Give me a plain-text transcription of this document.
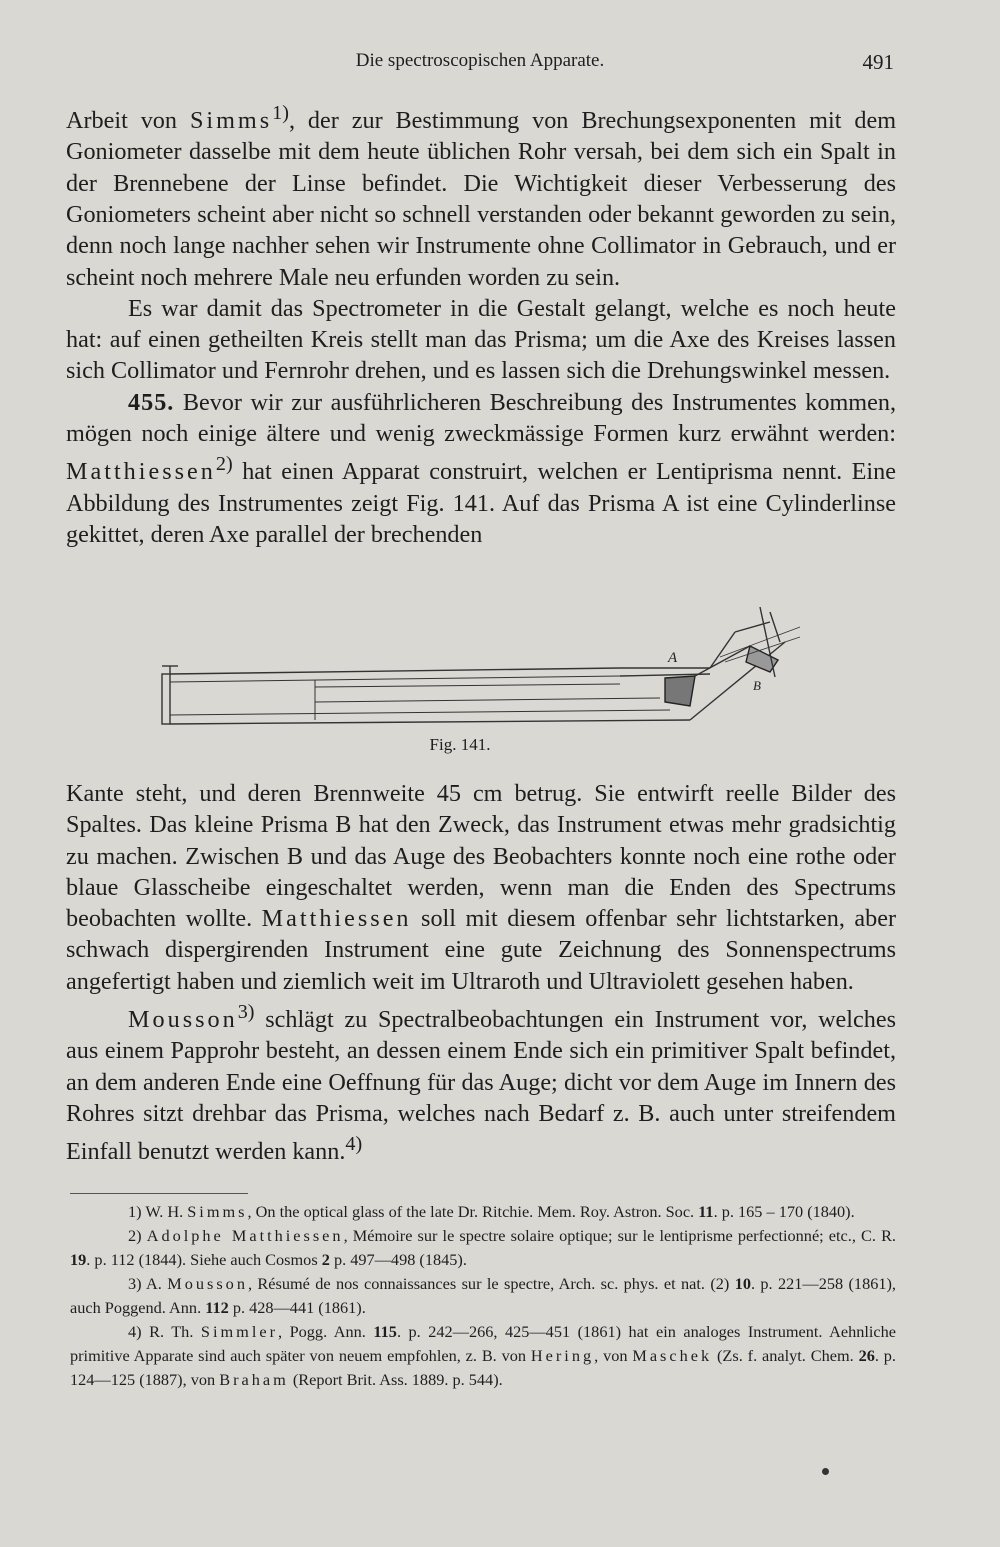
Die spectroscopischen Apparate.	491

Arbeit von Simms$^{1)}$, der zur Bestimmung von Brechungsexponenten mit dem Goniometer dasselbe mit dem heute üblichen Rohr versah, bei dem sich ein Spalt in der Brennebene der Linse befindet. Die Wichtigkeit dieser Verbesserung des Goniometers scheint aber nicht so schnell verstanden oder bekannt geworden zu sein, denn noch lange nachher sehen wir Instrumente ohne Collimator in Gebrauch, und er scheint noch mehrere Male neu erfunden worden zu sein.

Es war damit das Spectrometer in die Gestalt gelangt, welche es noch heute hat: auf einen getheilten Kreis stellt man das Prisma; um die Axe des Kreises lassen sich Collimator und Fernrohr drehen, und es lassen sich die Drehungswinkel messen.

455. Bevor wir zur ausführlicheren Beschreibung des Instrumentes kommen, mögen noch einige ältere und wenig zweckmässige Formen kurz erwähnt werden: Matthiessen$^{2)}$ hat einen Apparat construirt, welchen er Lentiprisma nennt. Eine Abbildung des Instrumentes zeigt Fig. 141. Auf das Prisma A ist eine Cylinderlinse gekittet, deren Axe parallel der brechenden

A
B
Fig. 141.

Kante steht, und deren Brennweite 45 cm betrug. Sie entwirft reelle Bilder des Spaltes. Das kleine Prisma B hat den Zweck, das Instrument etwas mehr gradsichtig zu machen. Zwischen B und das Auge des Beobachters konnte noch eine rothe oder blaue Glasscheibe eingeschaltet werden, wenn man die Enden des Spectrums beobachten wollte. Matthiessen soll mit diesem offenbar sehr lichtstarken, aber schwach dispergirenden Instrument eine gute Zeichnung des Sonnenspectrums angefertigt haben und ziemlich weit im Ultraroth und Ultraviolett gesehen haben.

Mousson$^{3)}$ schlägt zu Spectralbeobachtungen ein Instrument vor, welches aus einem Papprohr besteht, an dessen einem Ende sich ein primitiver Spalt befindet, an dem anderen Ende eine Oeffnung für das Auge; dicht vor dem Auge im Innern des Rohres sitzt drehbar das Prisma, welches nach Bedarf z. B. auch unter streifendem Einfall benutzt werden kann.$^{4)}$

1) W. H. Simms, On the optical glass of the late Dr. Ritchie. Mem. Roy. Astron. Soc. 11. p. 165 – 170 (1840).

2) Adolphe Matthiessen, Mémoire sur le spectre solaire optique; sur le lentiprisme perfectionné; etc., C. R. 19. p. 112 (1844). Siehe auch Cosmos 2 p. 497—498 (1845).

3) A. Mousson, Résumé de nos connaissances sur le spectre, Arch. sc. phys. et nat. (2) 10. p. 221—258 (1861), auch Poggend. Ann. 112 p. 428—441 (1861).

4) R. Th. Simmler, Pogg. Ann. 115. p. 242—266, 425—451 (1861) hat ein analoges Instrument. Aehnliche primitive Apparate sind auch später von neuem empfohlen, z. B. von Hering, von Maschek (Zs. f. analyt. Chem. 26. p. 124—125 (1887), von Braham (Report Brit. Ass. 1889. p. 544).
